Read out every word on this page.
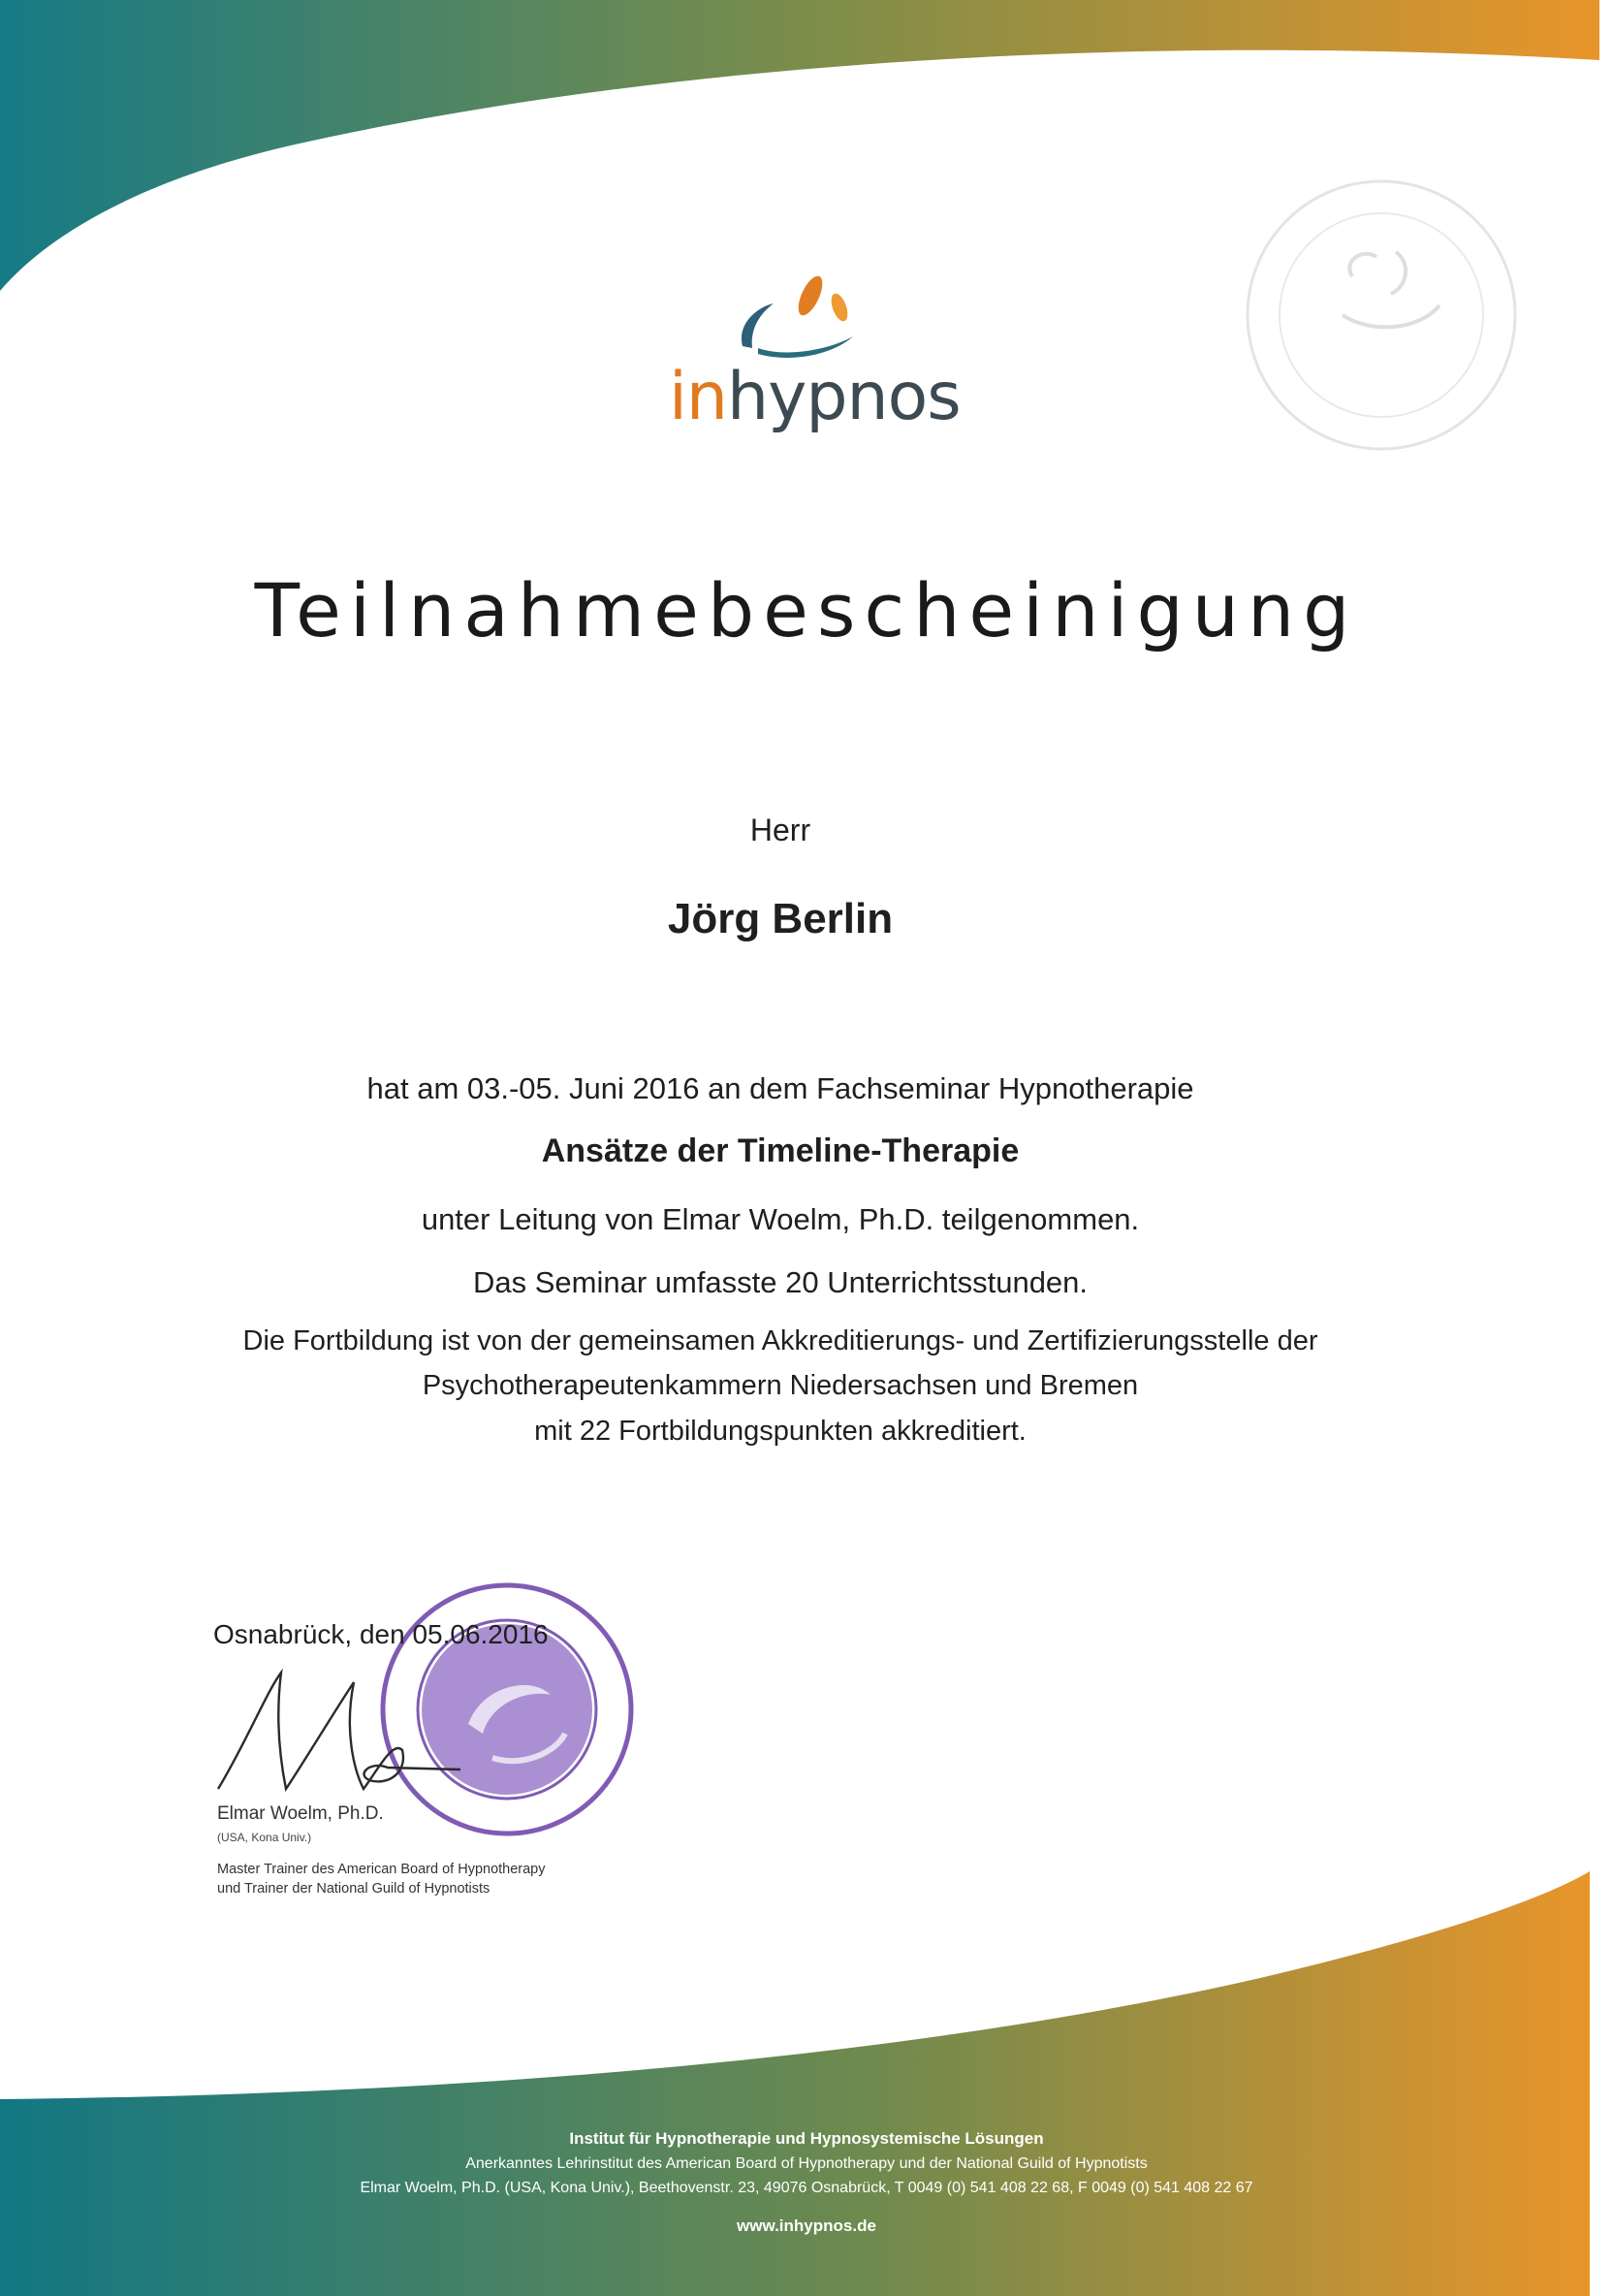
inhypnos
Teilnahmebescheinigung
Herr
Jörg Berlin
hat am 03.-05. Juni 2016 an dem Fachseminar Hypnotherapie
Ansätze der Timeline-Therapie
unter Leitung von Elmar Woelm, Ph.D. teilgenommen.
Das Seminar umfasste 20 Unterrichtsstunden.
Die Fortbildung ist von der gemeinsamen Akkreditierungs- und Zertifizierungsstelle der
Psychotherapeutenkammern Niedersachsen und Bremen
mit 22 Fortbildungspunkten akkreditiert.
Osnabrück, den 05.06.2016
Elmar Woelm, Ph.D.
(USA, Kona Univ.)
Master Trainer des American Board of Hypnotherapy
und Trainer der National Guild of Hypnotists
Institut für Hypnotherapie und Hypnosystemische Lösungen
Anerkanntes Lehrinstitut des American Board of Hypnotherapy und der National Guild of Hypnotists
Elmar Woelm, Ph.D. (USA, Kona Univ.), Beethovenstr. 23, 49076 Osnabrück, T 0049 (0) 541 408 22 68, F 0049 (0) 541 408 22 67
www.inhypnos.de
